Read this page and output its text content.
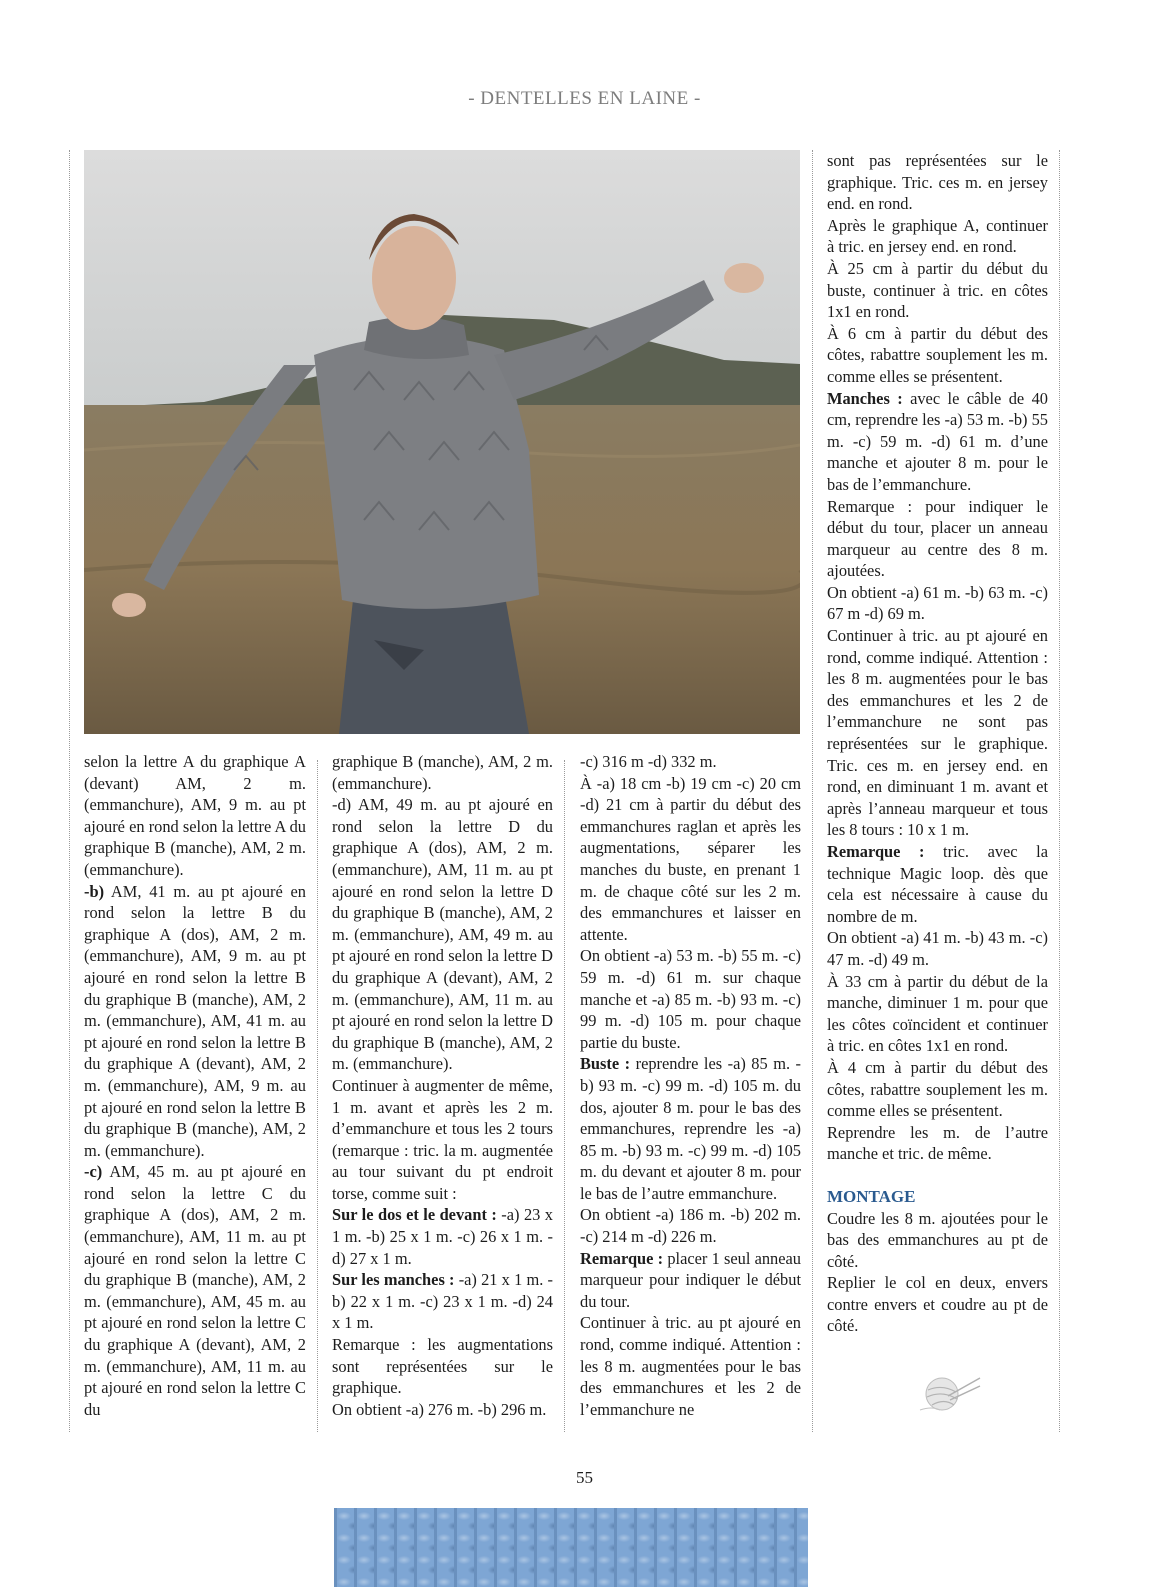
- DENTELLES EN LAINE -

selon la lettre A du graphique A (devant) AM, 2 m. (emmanchure), AM, 9 m. au pt ajouré en rond selon la lettre A du graphique B (manche), AM, 2 m. (emmanchure).

-b) AM, 41 m. au pt ajouré en rond selon la lettre B du graphique A (dos), AM, 2 m. (emmanchure), AM, 9 m. au pt ajouré en rond selon la lettre B du graphique B (manche), AM, 2 m. (emmanchure), AM, 41 m. au pt ajouré en rond selon la lettre B du graphique A (devant), AM, 2 m. (emmanchure), AM, 9 m. au pt ajouré en rond selon la lettre B du graphique B (manche), AM, 2 m. (emmanchure).

-c) AM, 45 m. au pt ajouré en rond selon la lettre C du graphique A (dos), AM, 2 m. (emmanchure), AM, 11 m. au pt ajouré en rond selon la lettre C du graphique B (manche), AM, 2 m. (emmanchure), AM, 45 m. au pt ajouré en rond selon la lettre C du graphique A (devant), AM, 2 m. (emmanchure), AM, 11 m. au pt ajouré en rond selon la lettre C du

graphique B (manche), AM, 2 m. (emmanchure).

-d) AM, 49 m. au pt ajouré en rond selon la lettre D du graphique A (dos), AM, 2 m. (emmanchure), AM, 11 m. au pt ajouré en rond selon la lettre D du graphique B (manche), AM, 2 m. (emmanchure), AM, 49 m. au pt ajouré en rond selon la lettre D du graphique A (devant), AM, 2 m. (emmanchure), AM, 11 m. au pt ajouré en rond selon la lettre D du graphique B (manche), AM, 2 m. (emmanchure).

Continuer à augmenter de même, 1 m. avant et après les 2 m. d’emmanchure et tous les 2 tours (remarque : tric. la m. augmentée au tour suivant du pt endroit torse, comme suit :

Sur le dos et le devant : -a) 23 x 1 m. -b) 25 x 1 m. -c) 26 x 1 m. -d) 27 x 1 m.

Sur les manches : -a) 21 x 1 m. -b) 22 x 1 m. -c) 23 x 1 m. -d) 24 x 1 m.

Remarque : les augmentations sont représentées sur le graphique.

On obtient -a) 276 m. -b) 296 m.

-c) 316 m -d) 332 m.

À -a) 18 cm -b) 19 cm -c) 20 cm -d) 21 cm à partir du début des emmanchures raglan et après les augmentations, séparer les manches du buste, en prenant 1 m. de chaque côté sur les 2 m. des emmanchures et laisser en attente.

On obtient -a) 53 m. -b) 55 m. -c) 59 m. -d) 61 m. sur chaque manche et -a) 85 m. -b) 93 m. -c) 99 m. -d) 105 m. pour chaque partie du buste.

Buste : reprendre les -a) 85 m. -b) 93 m. -c) 99 m. -d) 105 m. du dos, ajouter 8 m. pour le bas des emmanchures, reprendre les -a) 85 m. -b) 93 m. -c) 99 m. -d) 105 m. du devant et ajouter 8 m. pour le bas de l’autre emmanchure.

On obtient -a) 186 m. -b) 202 m. -c) 214 m -d) 226 m.

Remarque : placer 1 seul anneau marqueur pour indiquer le début du tour.

Continuer à tric. au pt ajouré en rond, comme indiqué. Attention : les 8 m. augmentées pour le bas des emmanchures et les 2 de l’emmanchure ne

sont pas représentées sur le graphique. Tric. ces m. en jersey end. en rond.

Après le graphique A, continuer à tric. en jersey end. en rond.

À 25 cm à partir du début du buste, continuer à tric. en côtes 1x1 en rond.

À 6 cm à partir du début des côtes, rabattre souplement les m. comme elles se présentent.

Manches : avec le câble de 40 cm, reprendre les -a) 53 m. -b) 55 m. -c) 59 m. -d) 61 m. d’une manche et ajouter 8 m. pour le bas de l’emmanchure.

Remarque : pour indiquer le début du tour, placer un anneau marqueur au centre des 8 m. ajoutées.

On obtient -a) 61 m. -b) 63 m. -c) 67 m -d) 69 m.

Continuer à tric. au pt ajouré en rond, comme indiqué. Attention : les 8 m. augmentées pour le bas des emmanchures et les 2 de l’emmanchure ne sont pas représentées sur le graphique. Tric. ces m. en jersey end. en rond, en diminuant 1 m. avant et après l’anneau marqueur et tous les 8 tours : 10 x 1 m.

Remarque : tric. avec la technique Magic loop. dès que cela est nécessaire à cause du nombre de m.

On obtient -a) 41 m. -b) 43 m. -c) 47 m. -d) 49 m.

À 33 cm à partir du début de la manche, diminuer 1 m. pour que les côtes coïncident et continuer à tric. en côtes 1x1 en rond.

À 4 cm à partir du début des côtes, rabattre souplement les m. comme elles se présentent.

Reprendre les m. de l’autre manche et tric. de même.

MONTAGE

Coudre les 8 m. ajoutées pour le bas des emmanchures au pt de côté.

Replier le col en deux, envers contre envers et coudre au pt de côté.

55
